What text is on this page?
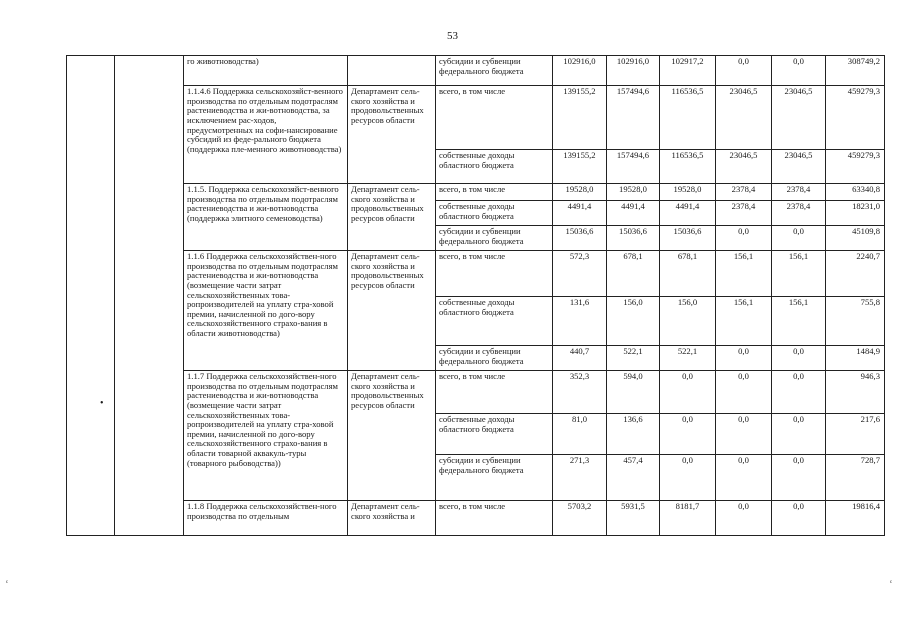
53
		го животноводства)		субсидии и субвенции федерального бюджета	102916,0	102916,0	102917,2	0,0	0,0	308749,2
		1.1.4.6 Поддержка сельскохозяйст-венного производства по отдельным подотраслям растениеводства и жи-вотноводства, за исключением рас-ходов, предусмотренных на софи-нансирование субсидий из феде-рального бюджета (поддержка пле-менного животноводства)	Департамент сель-ского хозяйства и продовольственных ресурсов области	всего, в том числе	139155,2	157494,6	116536,5	23046,5	23046,5	459279,3
				собственные доходы областного бюджета	139155,2	157494,6	116536,5	23046,5	23046,5	459279,3
		1.1.5. Поддержка сельскохозяйст-венного производства по отдельным подотраслям растениеводства и жи-вотноводства (поддержка элитного семеноводства)	Департамент сель-ского хозяйства и продовольственных ресурсов области	всего, в том числе	19528,0	19528,0	19528,0	2378,4	2378,4	63340,8
				собственные доходы областного бюджета	4491,4	4491,4	4491,4	2378,4	2378,4	18231,0
				субсидии и субвенции федерального бюджета	15036,6	15036,6	15036,6	0,0	0,0	45109,8
		1.1.6 Поддержка сельскохозяйствен-ного производства по отдельным подотраслям растениеводства и жи-вотноводства (возмещение части затрат сельскохозяйственных това-ропроизводителей на уплату стра-ховой премии, начисленной по дого-вору сельскохозяйственного страхо-вания в области животноводства)	Департамент сель-ского хозяйства и продовольственных ресурсов области	всего, в том числе	572,3	678,1	678,1	156,1	156,1	2240,7
				собственные доходы областного бюджета	131,6	156,0	156,0	156,1	156,1	755,8
				субсидии и субвенции федерального бюджета	440,7	522,1	522,1	0,0	0,0	1484,9
		1.1.7 Поддержка сельскохозяйствен-ного производства по отдельным подотраслям растениеводства и жи-вотноводства (возмещение части затрат сельскохозяйственных това-ропроизводителей на уплату стра-ховой премии, начисленной по дого-вору сельскохозяйственного страхо-вания в области товарной аквакуль-туры (товарного рыбоводства))	Департамент сель-ского хозяйства и продовольственных ресурсов области	всего, в том числе	352,3	594,0	0,0	0,0	0,0	946,3
				собственные доходы областного бюджета	81,0	136,6	0,0	0,0	0,0	217,6
				субсидии и субвенции федерального бюджета	271,3	457,4	0,0	0,0	0,0	728,7
		1.1.8 Поддержка сельскохозяйствен-ного производства по отдельным	Департамент сель-ского хозяйства и	всего, в том числе	5703,2	5931,5	8181,7	0,0	0,0	19816,4
•
ᶜ	ᶜ
